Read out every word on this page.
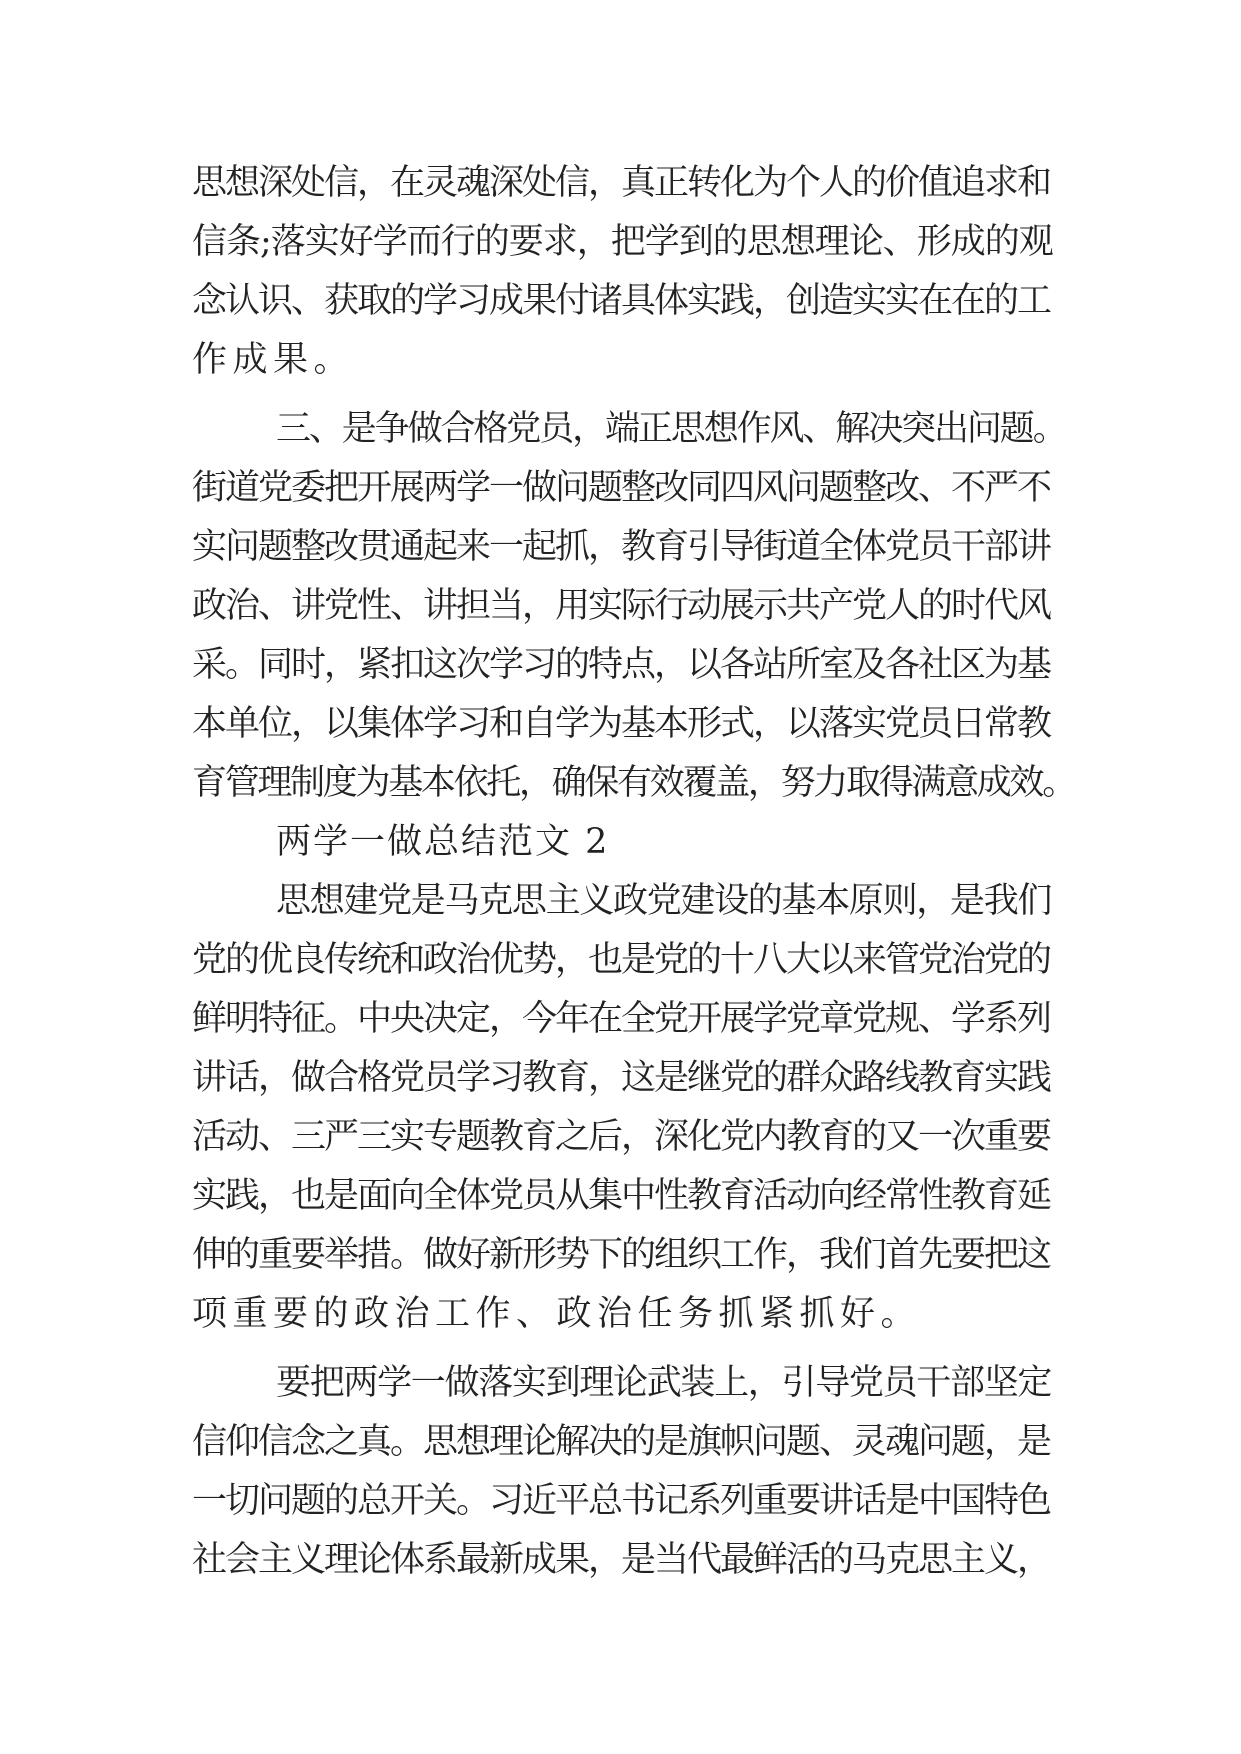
思想深处信，在灵魂深处信，真正转化为个人的价值追求和
信条;落实好学而行的要求，把学到的思想理论、形成的观
念认识、获取的学习成果付诸具体实践，创造实实在在的工
作成果。
三、是争做合格党员，端正思想作风、解决突出问题。
街道党委把开展两学一做问题整改同四风问题整改、不严不
实问题整改贯通起来一起抓，教育引导街道全体党员干部讲
政治、讲党性、讲担当，用实际行动展示共产党人的时代风
采。同时，紧扣这次学习的特点，以各站所室及各社区为基
本单位，以集体学习和自学为基本形式，以落实党员日常教
育管理制度为基本依托，确保有效覆盖，努力取得满意成效。
两学一做总结范文 2
思想建党是马克思主义政党建设的基本原则，是我们
党的优良传统和政治优势，也是党的十八大以来管党治党的
鲜明特征。中央决定，今年在全党开展学党章党规、学系列
讲话，做合格党员学习教育，这是继党的群众路线教育实践
活动、三严三实专题教育之后，深化党内教育的又一次重要
实践，也是面向全体党员从集中性教育活动向经常性教育延
伸的重要举措。做好新形势下的组织工作，我们首先要把这
项重要的政治工作、政治任务抓紧抓好。
要把两学一做落实到理论武装上，引导党员干部坚定
信仰信念之真。思想理论解决的是旗帜问题、灵魂问题，是
一切问题的总开关。习近平总书记系列重要讲话是中国特色
社会主义理论体系最新成果，是当代最鲜活的马克思主义，
